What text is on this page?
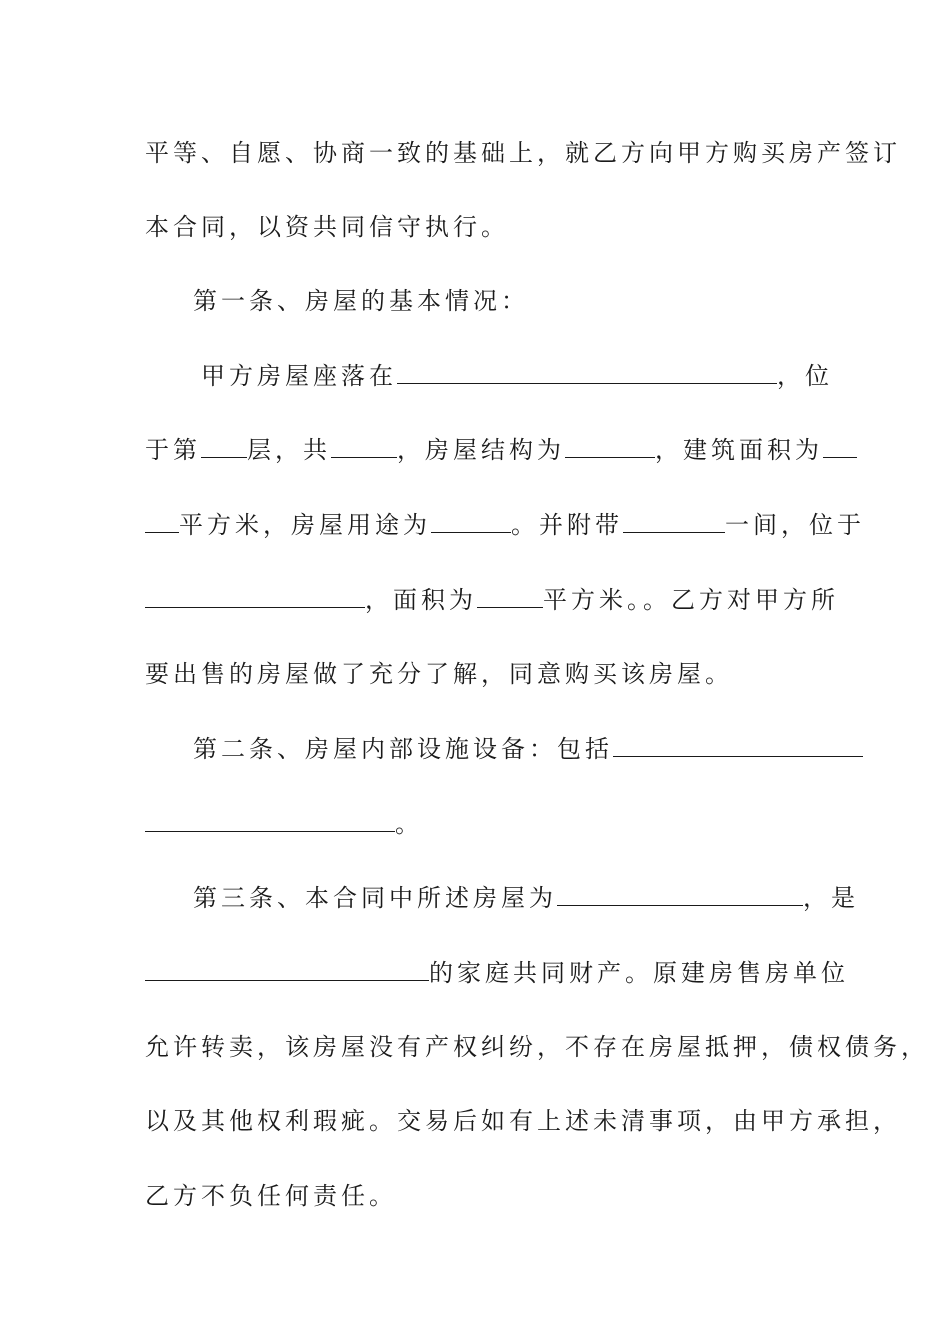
平等、自愿、协商一致的基础上，就乙方向甲方购买房产签订
本合同，以资共同信守执行。
第一条、房屋的基本情况：
甲方房屋座落在	，位
于第 层，共	，房屋结构为	，建筑面积为
平方米，房屋用途为	。并附带	一间，位于
，面积为	平方米。。乙方对甲方所
要出售的房屋做了充分了解，同意购买该房屋。
第二条、房屋内部设施设备：包括
。
第三条、本合同中所述房屋为	，是
的家庭共同财产。原建房售房单位
允许转卖，该房屋没有产权纠纷，不存在房屋抵押，债权债务，
以及其他权利瑕疵。交易后如有上述未清事项，由甲方承担，
乙方不负任何责任。
